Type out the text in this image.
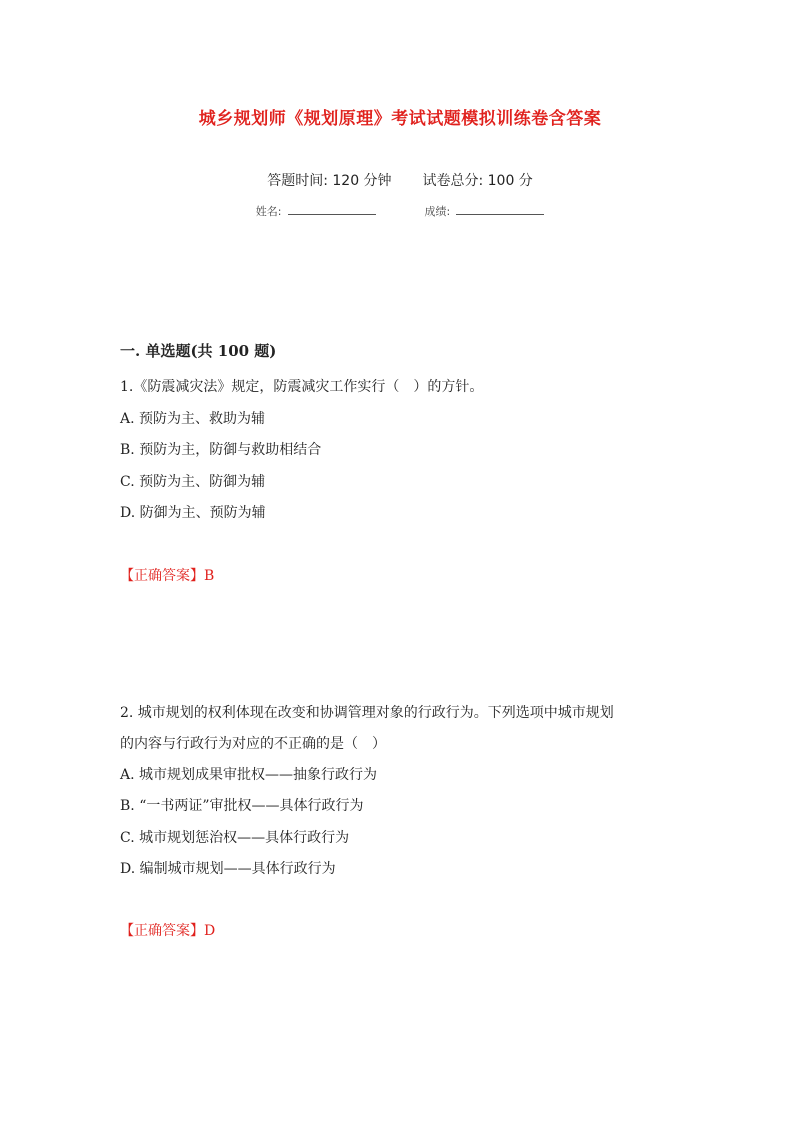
城乡规划师《规划原理》考试试题模拟训练卷含答案
答题时间: 120 分钟 试卷总分: 100 分
姓名:	成绩:
一. 单选题(共 100 题)
1.《防震减灾法》规定，防震减灾工作实行（　）的方针。
A. 预防为主、救助为辅
B. 预防为主，防御与救助相结合
C. 预防为主、防御为辅
D. 防御为主、预防为辅
【正确答案】B
2. 城市规划的权利体现在改变和协调管理对象的行政行为。下列选项中城市规划
的内容与行政行为对应的不正确的是（　）
A. 城市规划成果审批权——抽象行政行为
B. “一书两证”审批权——具体行政行为
C. 城市规划惩治权——具体行政行为
D. 编制城市规划——具体行政行为
【正确答案】D
